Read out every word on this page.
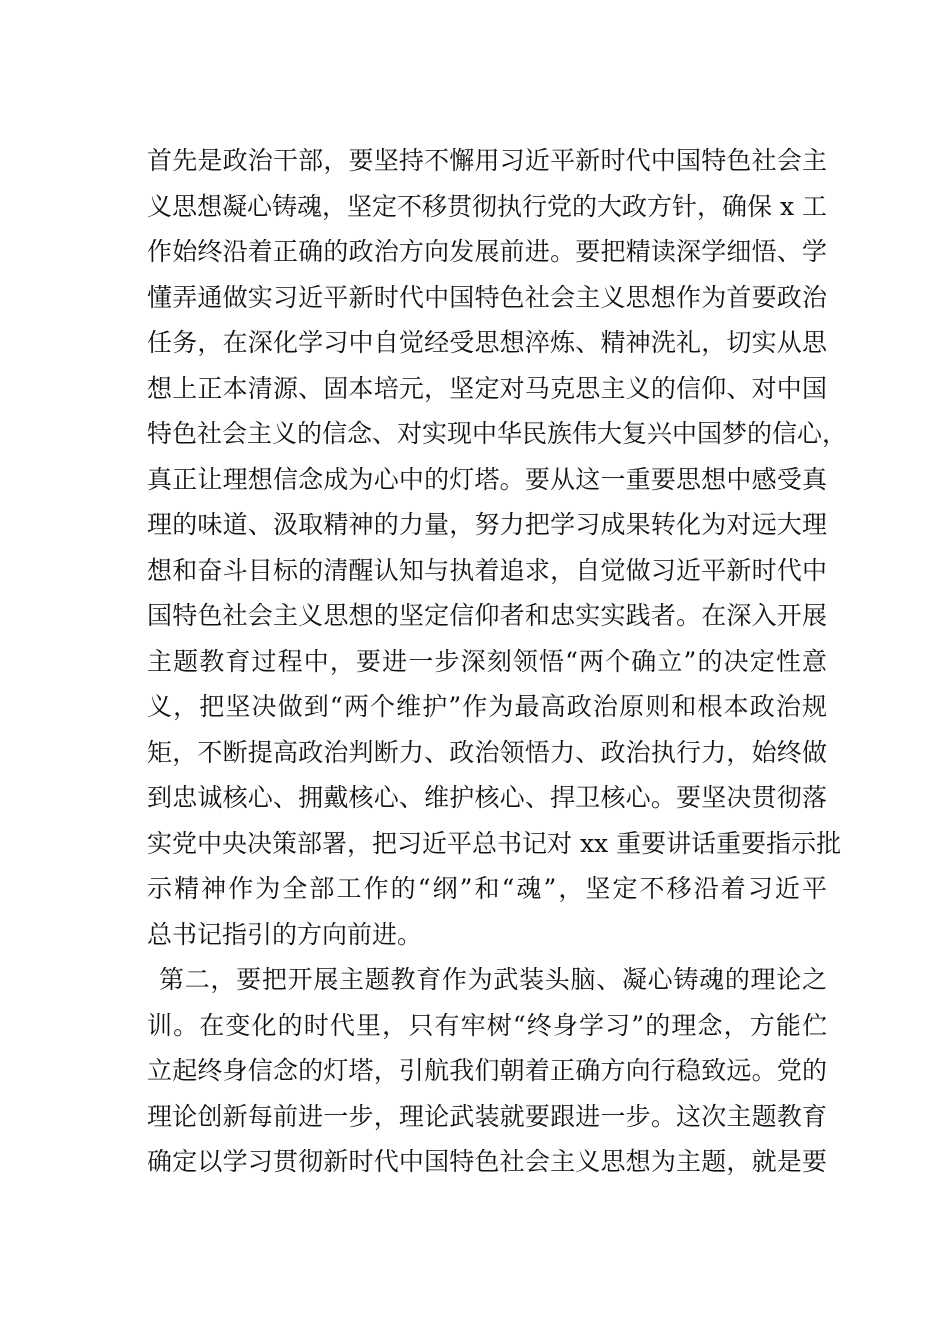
首先是政治干部，要坚持不懈用习近平新时代中国特色社会主
义思想凝心铸魂，坚定不移贯彻执行党的大政方针，确保 x 工
作始终沿着正确的政治方向发展前进。要把精读深学细悟、学
懂弄通做实习近平新时代中国特色社会主义思想作为首要政治
任务，在深化学习中自觉经受思想淬炼、精神洗礼，切实从思
想上正本清源、固本培元，坚定对马克思主义的信仰、对中国
特色社会主义的信念、对实现中华民族伟大复兴中国梦的信心，
真正让理想信念成为心中的灯塔。要从这一重要思想中感受真
理的味道、汲取精神的力量，努力把学习成果转化为对远大理
想和奋斗目标的清醒认知与执着追求，自觉做习近平新时代中
国特色社会主义思想的坚定信仰者和忠实实践者。在深入开展
主题教育过程中，要进一步深刻领悟“两个确立”的决定性意
义，把坚决做到“两个维护”作为最高政治原则和根本政治规
矩，不断提高政治判断力、政治领悟力、政治执行力，始终做
到忠诚核心、拥戴核心、维护核心、捍卫核心。要坚决贯彻落
实党中央决策部署，把习近平总书记对 xx 重要讲话重要指示批
示精神作为全部工作的“纲”和“魂”，坚定不移沿着习近平
总书记指引的方向前进。
第二，要把开展主题教育作为武装头脑、凝心铸魂的理论之
训。在变化的时代里，只有牢树“终身学习”的理念，方能伫
立起终身信念的灯塔，引航我们朝着正确方向行稳致远。党的
理论创新每前进一步，理论武装就要跟进一步。这次主题教育
确定以学习贯彻新时代中国特色社会主义思想为主题，就是要
